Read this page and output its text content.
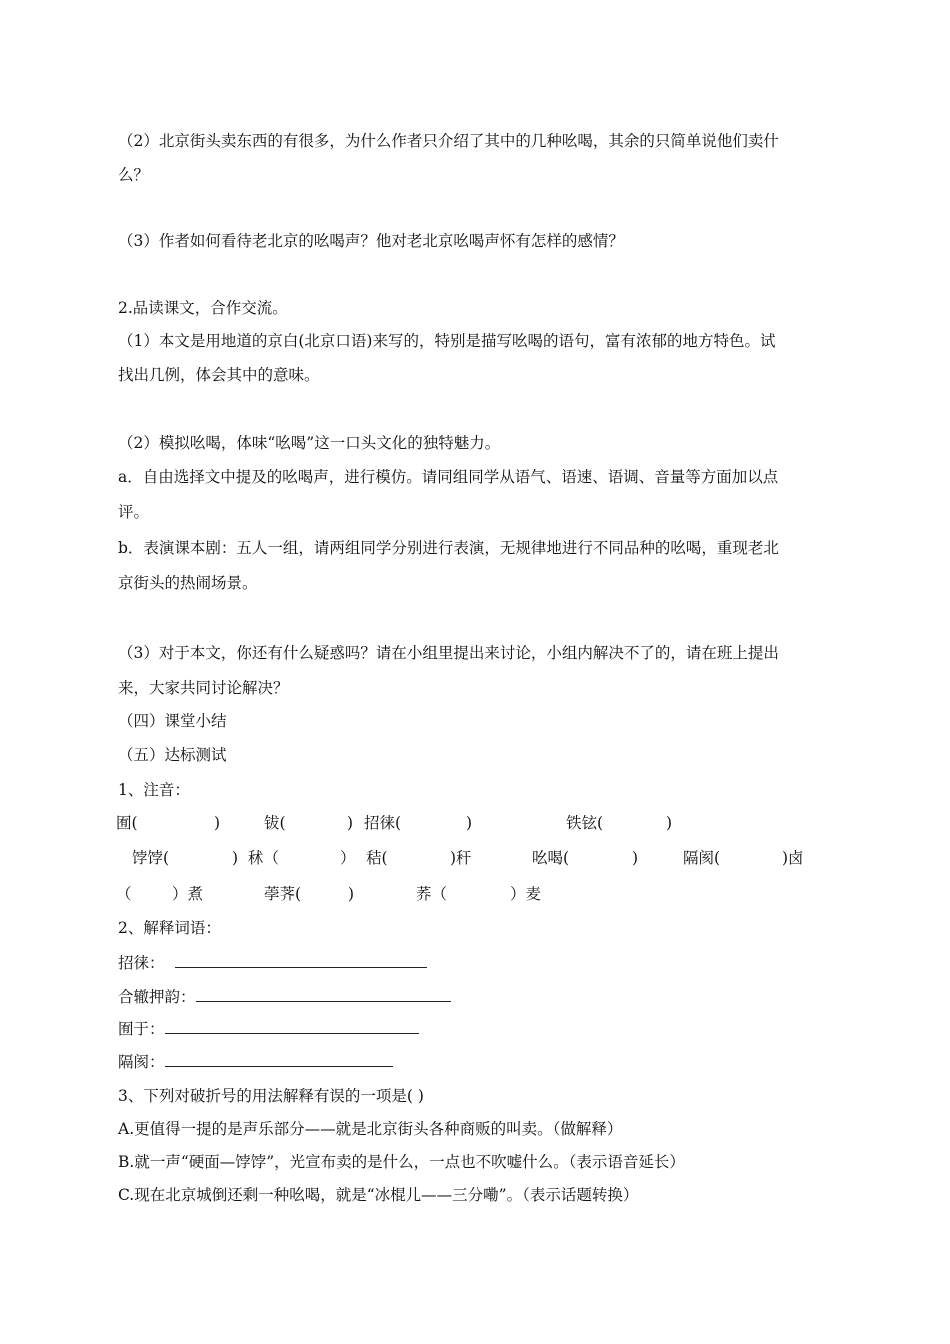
（2）北京街头卖东西的有很多，为什么作者只介绍了其中的几种吆喝，其余的只简单说他们卖什
么？
（3）作者如何看待老北京的吆喝声？他对老北京吆喝声怀有怎样的感情？
2.品读课文，合作交流。
（1）本文是用地道的京白(北京口语)来写的，特别是描写吆喝的语句，富有浓郁的地方特色。试
找出几例，体会其中的意味。
（2）模拟吆喝，体味“吆喝”这一口头文化的独特魅力。
a．自由选择文中提及的吆喝声，进行模仿。请同组同学从语气、语速、语调、音量等方面加以点
评。
b．表演课本剧：五人一组，请两组同学分别进行表演，无规律地进行不同品种的吆喝，重现老北
京街头的热闹场景。
（3）对于本文，你还有什么疑惑吗？请在小组里提出来讨论，小组内解决不了的，请在班上提出
来，大家共同讨论解决？
（四）课堂小结
（五）达标测试
1、注音：
囿(	)	钹(	) 招徕(	)	铁铉(	)
饽饽(	) 秫（	） 秸(	)秆	吆喝(	)	隔阂(	)卤
（	）煮	荸荠(	)	荞（	）麦
2、解释词语：
招徕：
合辙押韵：
囿于：
隔阂：
3、下列对破折号的用法解释有误的一项是( )
A.更值得一提的是声乐部分——就是北京街头各种商贩的叫卖。（做解释）
B.就一声“硬面—饽饽”，光宣布卖的是什么，一点也不吹嘘什么。（表示语音延长）
C.现在北京城倒还剩一种吆喝，就是“冰棍儿——三分嘞”。（表示话题转换）
